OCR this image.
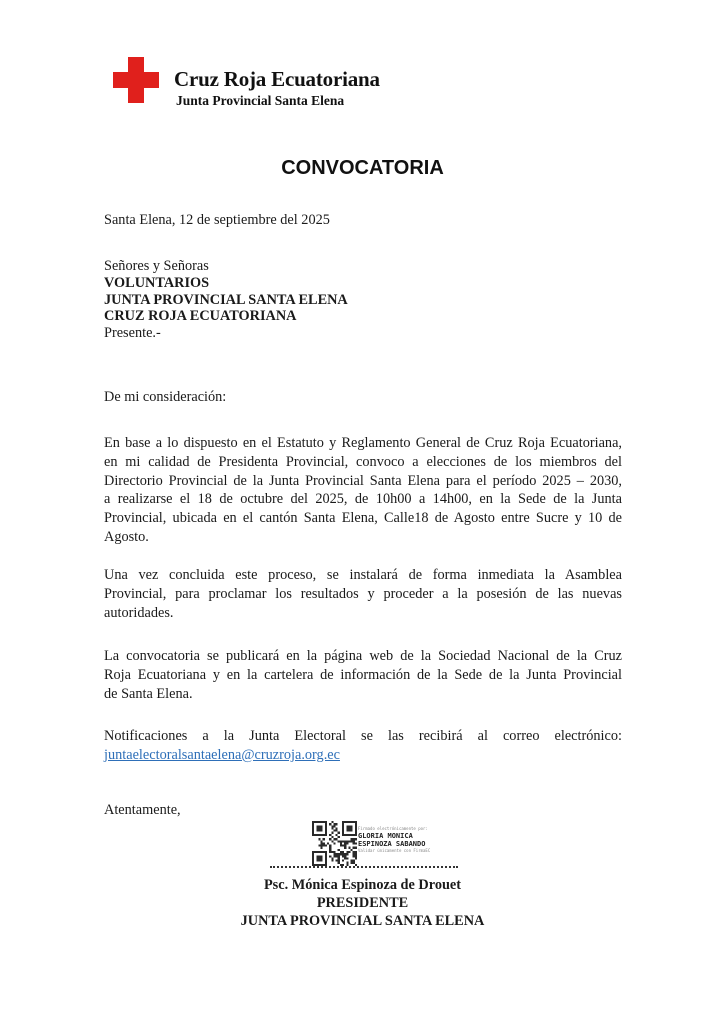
Cruz Roja Ecuatoriana
Junta Provincial Santa Elena
CONVOCATORIA
Santa Elena, 12 de septiembre del 2025
Señores y Señoras
VOLUNTARIOS
JUNTA PROVINCIAL SANTA ELENA
CRUZ ROJA ECUATORIANA
Presente.-
De mi consideración:
En base a lo dispuesto en el Estatuto y Reglamento General de Cruz Roja Ecuatoriana,
en mi calidad de Presidenta Provincial, convoco a elecciones de los miembros del
Directorio Provincial de la Junta Provincial Santa Elena para el período 2025 – 2030,
a realizarse el 18 de octubre del 2025, de 10h00 a 14h00, en la Sede de la Junta
Provincial, ubicada en el cantón Santa Elena, Calle18 de Agosto entre Sucre y 10 de
Agosto.
Una vez concluida este proceso, se instalará de forma inmediata la Asamblea
Provincial, para proclamar los resultados y proceder a la posesión de las nuevas
autoridades.
La convocatoria se publicará en la página web de la Sociedad Nacional de la Cruz
Roja Ecuatoriana y en la cartelera de información de la Sede de la Junta Provincial
de Santa Elena.
Notificaciones a la Junta Electoral se las recibirá al correo electrónico:
juntaelectoralsantaelena@cruzroja.org.ec
Atentamente,
Firmado electrónicamente por:
GLORIA MONICA
ESPINOZA SABANDO
Validar únicamente con FirmaEC
Psc. Mónica Espinoza de Drouet
PRESIDENTE
JUNTA PROVINCIAL SANTA ELENA
